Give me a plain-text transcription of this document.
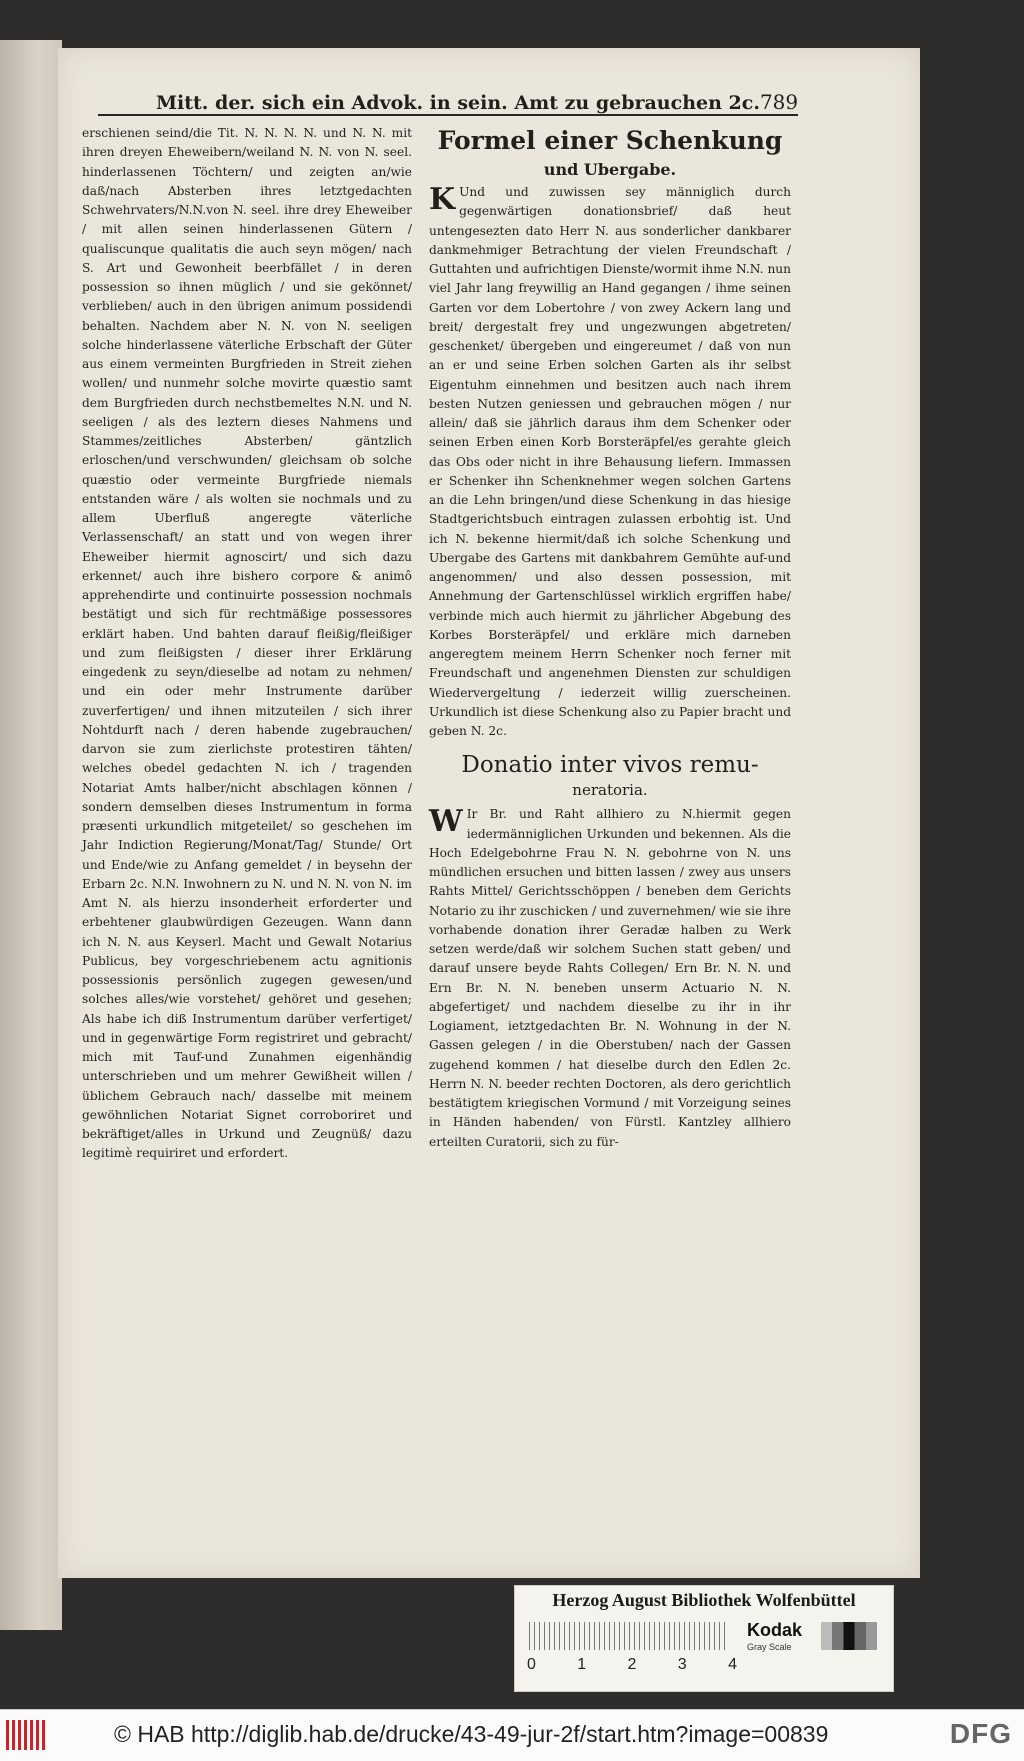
Mitt. der. sich ein Advok. in sein. Amt zu gebrauchen 2c. 789

erschienen seind/die Tit. N. N. N. N. und N. N. mit ihren dreyen Eheweibern/weiland N. N. von N. seel. hinderlassenen Töchtern/ und zeigten an/wie daß/nach Absterben ihres letztgedachten Schwehrvaters/N.N.von N. seel. ihre drey Eheweiber / mit allen seinen hinderlassenen Gütern / qualiscunque qualitatis die auch seyn mögen/ nach S. Art und Gewonheit beerbfället / in deren possession so ihnen müglich / und sie gekönnet/ verblieben/ auch in den übrigen animum possidendi behalten. Nachdem aber N. N. von N. seeligen solche hinderlassene väterliche Erbschaft der Güter aus einem vermeinten Burgfrieden in Streit ziehen wollen/ und nunmehr solche movirte quæstio samt dem Burgfrieden durch nechstbemeltes N.N. und N. seeligen / als des leztern dieses Nahmens und Stammes/zeitliches Absterben/ gäntzlich erloschen/und verschwunden/ gleichsam ob solche quæstio oder vermeinte Burgfriede niemals entstanden wäre / als wolten sie nochmals und zu allem Uberfluß angeregte väterliche Verlassenschaft/ an statt und von wegen ihrer Eheweiber hiermit agnoscirt/ und sich dazu erkennet/ auch ihre bishero corpore & animô apprehendirte und continuirte possession nochmals bestätigt und sich für rechtmäßige possessores erklärt haben. Und bahten darauf fleißig/fleißiger und zum fleißigsten / dieser ihrer Erklärung eingedenk zu seyn/dieselbe ad notam zu nehmen/ und ein oder mehr Instrumente darüber zuverfertigen/ und ihnen mitzuteilen / sich ihrer Nohtdurft nach / deren habende zugebrauchen/ darvon sie zum zierlichste protestiren tähten/ welches obedel gedachten N. ich / tragenden Notariat Amts halber/nicht abschlagen können / sondern demselben dieses Instrumentum in forma præsenti urkundlich mitgeteilet/ so geschehen im Jahr Indiction Regierung/Monat/Tag/ Stunde/ Ort und Ende/wie zu Anfang gemeldet / in beysehn der Erbarn 2c. N.N. Inwohnern zu N. und N. N. von N. im Amt N. als hierzu insonderheit erforderter und erbehtener glaubwürdigen Gezeugen. Wann dann ich N. N. aus Keyserl. Macht und Gewalt Notarius Publicus, bey vorgeschriebenem actu agnitionis possessionis persönlich zugegen gewesen/und solches alles/wie vorstehet/ gehöret und gesehen; Als habe ich diß Instrumentum darüber verfertiget/ und in gegenwärtige Form registriret und gebracht/ mich mit Tauf-und Zunahmen eigenhändig unterschrieben und um mehrer Gewißheit willen / üblichem Gebrauch nach/ dasselbe mit meinem gewöhnlichen Notariat Signet corroboriret und bekräftiget/alles in Urkund und Zeugnüß/ dazu legitimè requiriret und erfordert.

Formel einer Schenkung
und Ubergabe.

K Und und zuwissen sey männiglich durch gegenwärtigen donationsbrief/ daß heut untengesezten dato Herr N. aus sonderlicher dankbarer dankmehmiger Betrachtung der vielen Freundschaft / Guttahten und aufrichtigen Dienste/wormit ihme N.N. nun viel Jahr lang freywillig an Hand gegangen / ihme seinen Garten vor dem Lobertohre / von zwey Ackern lang und breit/ dergestalt frey und ungezwungen abgetreten/ geschenket/ übergeben und eingereumet / daß von nun an er und seine Erben solchen Garten als ihr selbst Eigentuhm einnehmen und besitzen auch nach ihrem besten Nutzen geniessen und gebrauchen mögen / nur allein/ daß sie jährlich daraus ihm dem Schenker oder seinen Erben einen Korb Borsteräpfel/es gerahte gleich das Obs oder nicht in ihre Behausung liefern. Immassen er Schenker ihn Schenknehmer wegen solchen Gartens an die Lehn bringen/und diese Schenkung in das hiesige Stadtgerichtsbuch eintragen zulassen erbohtig ist. Und ich N. bekenne hiermit/daß ich solche Schenkung und Ubergabe des Gartens mit dankbahrem Gemühte auf-und angenommen/ und also dessen possession, mit Annehmung der Gartenschlüssel wirklich ergriffen habe/ verbinde mich auch hiermit zu jährlicher Abgebung des Korbes Borsteräpfel/ und erkläre mich darneben angeregtem meinem Herrn Schenker noch ferner mit Freundschaft und angenehmen Diensten zur schuldigen Wiedervergeltung / iederzeit willig zuerscheinen. Urkundlich ist diese Schenkung also zu Papier bracht und geben N. 2c.

Donatio inter vivos remu-
neratoria.

W Ir Br. und Raht allhiero zu N.hiermit gegen iedermänniglichen Urkunden und bekennen. Als die Hoch Edelgebohrne Frau N. N. gebohrne von N. uns mündlichen ersuchen und bitten lassen / zwey aus unsers Rahts Mittel/ Gerichtsschöppen / beneben dem Gerichts Notario zu ihr zuschicken / und zuvernehmen/ wie sie ihre vorhabende donation ihrer Geradæ halben zu Werk setzen werde/daß wir solchem Suchen statt geben/ und darauf unsere beyde Rahts Collegen/ Ern Br. N. N. und Ern Br. N. N. beneben unserm Actuario N. N. abgefertiget/ und nachdem dieselbe zu ihr in ihr Logiament, ietztgedachten Br. N. Wohnung in der N. Gassen gelegen / in die Oberstuben/ nach der Gassen zugehend kommen / hat dieselbe durch den Edlen 2c. Herrn N. N. beeder rechten Doctoren, als dero gerichtlich bestätigtem kriegischen Vormund / mit Vorzeigung seines in Händen habenden/ von Fürstl. Kantzley allhiero erteilten Curatorii, sich zu für-

Herzog August Bibliothek Wolfenbüttel
0	1	2	3	4
Kodak
Gray Scale
© HAB http://diglib.hab.de/drucke/43-49-jur-2f/start.htm?image=00839	DFG
